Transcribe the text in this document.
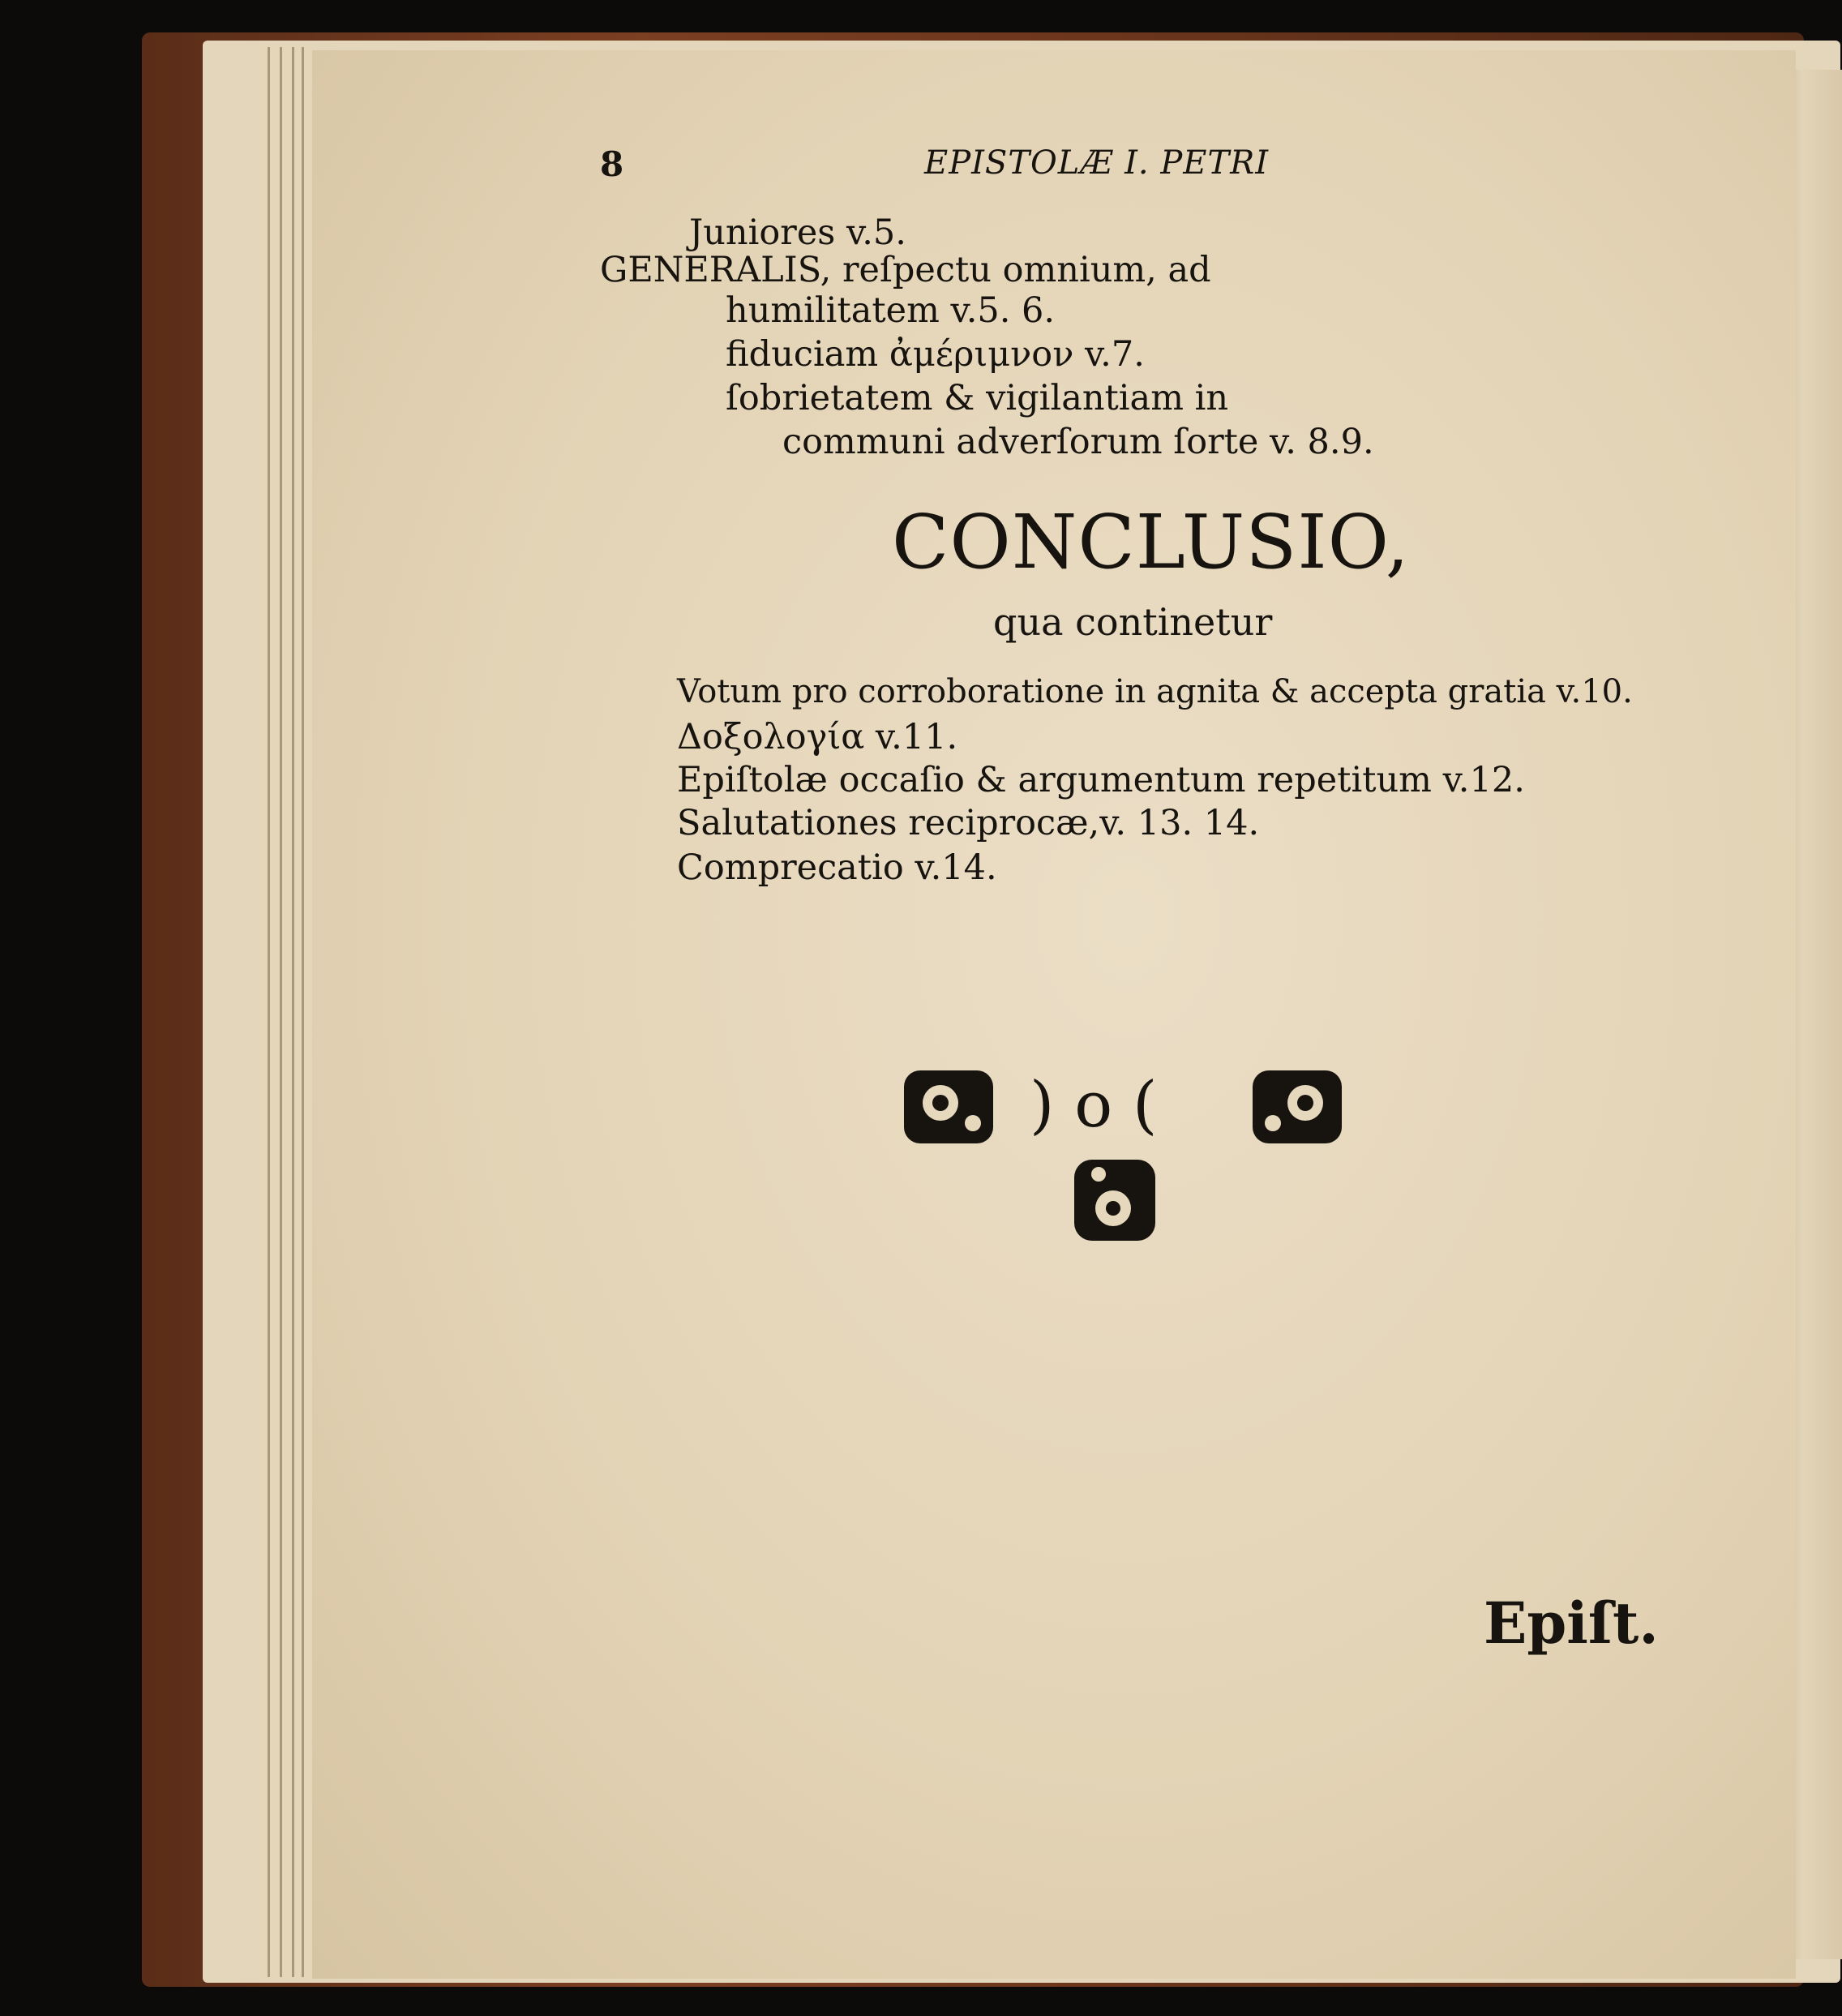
8	EPISTOLÆ I. PETRI
Juniores v.5.
GENERALIS, reſpectu omnium, ad
humilitatem v.5. 6.
fiduciam ἀμέριμνον v.7.
ſobrietatem & vigilantiam in
communi adverſorum ſorte v. 8.9.
CONCLUSIO,
qua continetur
Votum pro corroboratione in agnita & accepta gratia v.10.
Δοξολογία v.11.
Epiſtolæ occaſio & argumentum repetitum v.12.
Salutationes reciprocæ,v. 13. 14.
Comprecatio v.14.
) o (
Epiſt.
